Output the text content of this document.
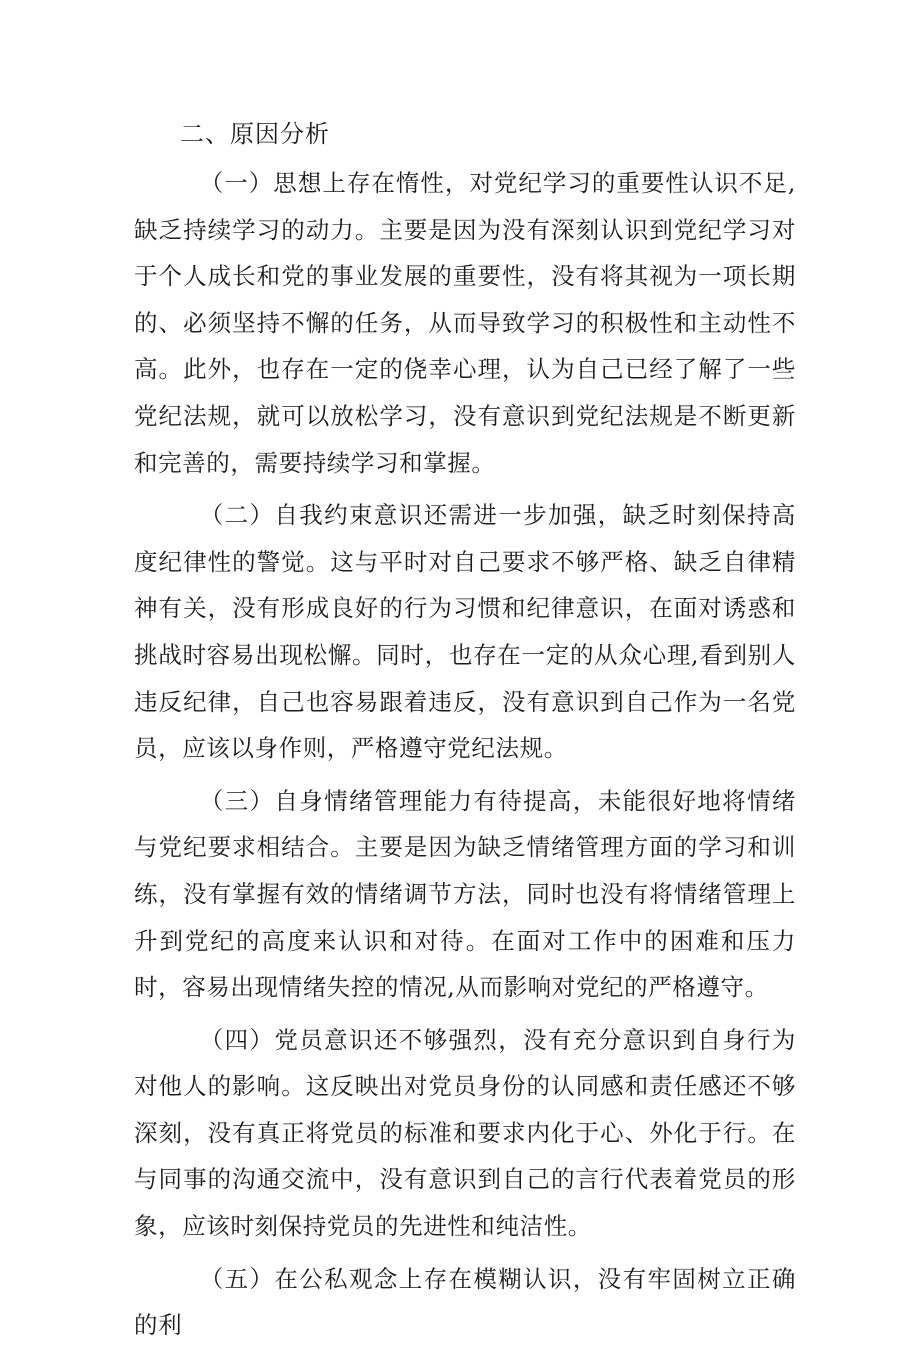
二、原因分析

（一）思想上存在惰性，对党纪学习的重要性认识不足,缺乏持续学习的动力。主要是因为没有深刻认识到党纪学习对于个人成长和党的事业发展的重要性，没有将其视为一项长期的、必须坚持不懈的任务，从而导致学习的积极性和主动性不高。此外，也存在一定的侥幸心理，认为自己已经了解了一些党纪法规，就可以放松学习，没有意识到党纪法规是不断更新和完善的，需要持续学习和掌握。

（二）自我约束意识还需进一步加强，缺乏时刻保持高度纪律性的警觉。这与平时对自己要求不够严格、缺乏自律精神有关，没有形成良好的行为习惯和纪律意识，在面对诱惑和挑战时容易出现松懈。同时，也存在一定的从众心理,看到别人违反纪律，自己也容易跟着违反，没有意识到自己作为一名党员，应该以身作则，严格遵守党纪法规。

（三）自身情绪管理能力有待提高，未能很好地将情绪与党纪要求相结合。主要是因为缺乏情绪管理方面的学习和训练，没有掌握有效的情绪调节方法，同时也没有将情绪管理上升到党纪的高度来认识和对待。在面对工作中的困难和压力时，容易出现情绪失控的情况,从而影响对党纪的严格遵守。

（四）党员意识还不够强烈，没有充分意识到自身行为对他人的影响。这反映出对党员身份的认同感和责任感还不够深刻，没有真正将党员的标准和要求内化于心、外化于行。在与同事的沟通交流中，没有意识到自己的言行代表着党员的形象，应该时刻保持党员的先进性和纯洁性。

（五）在公私观念上存在模糊认识，没有牢固树立正确的利
